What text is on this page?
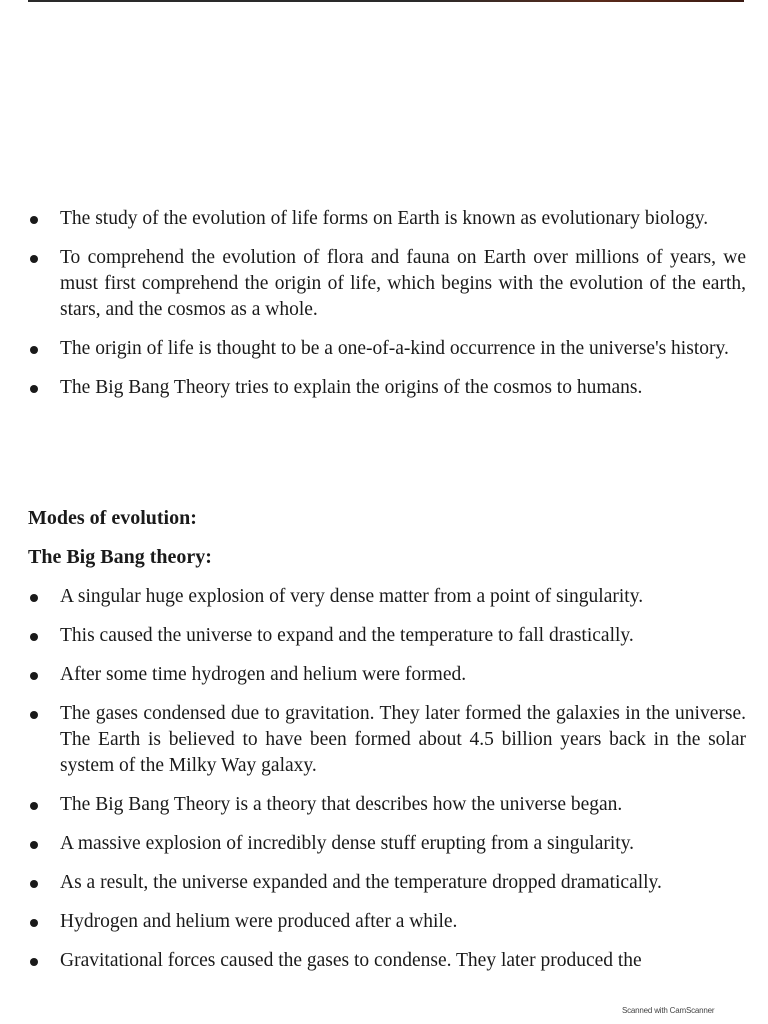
The study of the evolution of life forms on Earth is known as evolutionary biology.
To comprehend the evolution of flora and fauna on Earth over millions of years, we must first comprehend the origin of life, which begins with the evolution of the earth, stars, and the cosmos as a whole.
The origin of life is thought to be a one-of-a-kind occurrence in the universe's history.
The Big Bang Theory tries to explain the origins of the cosmos to humans.
Modes of evolution:
The Big Bang theory:
A singular huge explosion of very dense matter from a point of singularity.
This caused the universe to expand and the temperature to fall drastically.
After some time hydrogen and helium were formed.
The gases condensed due to gravitation. They later formed the galaxies in the universe. The Earth is believed to have been formed about 4.5 billion years back in the solar system of the Milky Way galaxy.
The Big Bang Theory is a theory that describes how the universe began.
A massive explosion of incredibly dense stuff erupting from a singularity.
As a result, the universe expanded and the temperature dropped dramatically.
Hydrogen and helium were produced after a while.
Gravitational forces caused the gases to condense. They later produced the
Scanned with CamScanner
